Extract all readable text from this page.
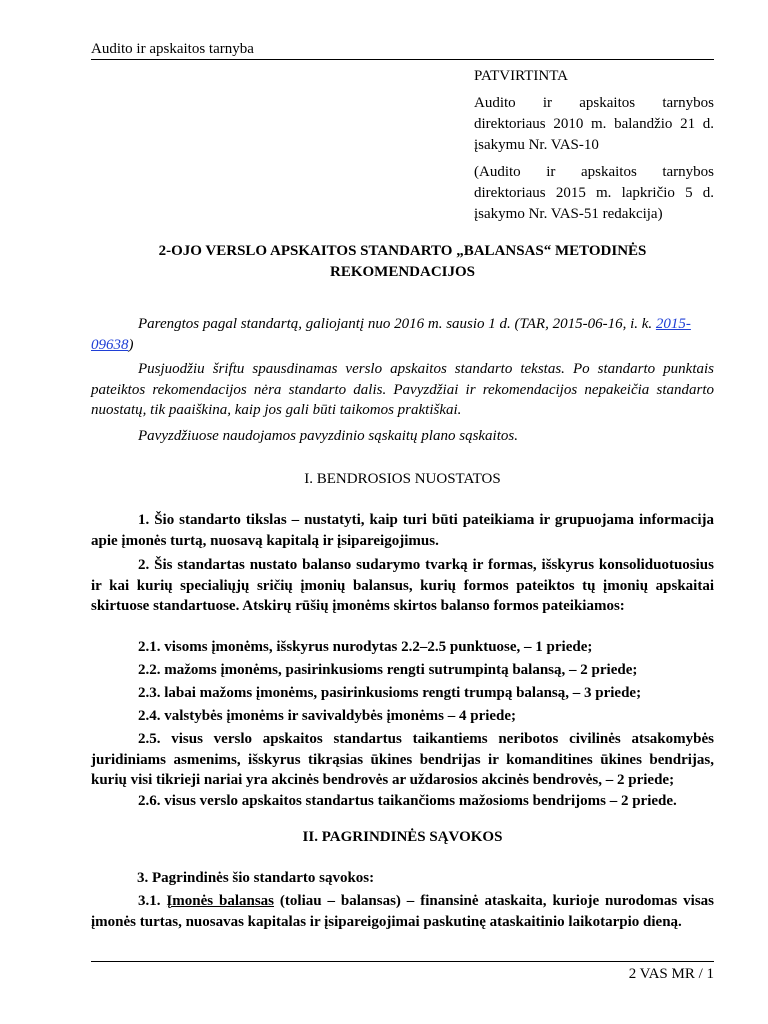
Audito ir apskaitos tarnyba

PATVIRTINTA

Audito ir apskaitos tarnybos direktoriaus 2010 m. balandžio 21 d. įsakymu Nr. VAS-10

(Audito ir apskaitos tarnybos direktoriaus 2015 m. lapkričio 5 d. įsakymo Nr. VAS-51 redakcija)

2-OJO VERSLO APSKAITOS STANDARTO „BALANSAS“ METODINĖS
REKOMENDACIJOS

Parengtos pagal standartą, galiojantį nuo 2016 m. sausio 1 d. (TAR, 2015-06-16, i. k. 2015-
09638)

Pusjuodžiu šriftu spausdinamas verslo apskaitos standarto tekstas. Po standarto punktais pateiktos rekomendacijos nėra standarto dalis. Pavyzdžiai ir rekomendacijos nepakeičia standarto nuostatų, tik paaiškina, kaip jos gali būti taikomos praktiškai.

Pavyzdžiuose naudojamos pavyzdinio sąskaitų plano sąskaitos.

I. BENDROSIOS NUOSTATOS

1. Šio standarto tikslas – nustatyti, kaip turi būti pateikiama ir grupuojama informacija apie įmonės turtą, nuosavą kapitalą ir įsipareigojimus.

2. Šis standartas nustato balanso sudarymo tvarką ir formas, išskyrus konsoliduotuosius ir kai kurių specialiųjų sričių įmonių balansus, kurių formos pateiktos tų įmonių apskaitai skirtuose standartuose. Atskirų rūšių įmonėms skirtos balanso formos pateikiamos:

2.1. visoms įmonėms, išskyrus nurodytas 2.2–2.5 punktuose, – 1 priede;

2.2. mažoms įmonėms, pasirinkusioms rengti sutrumpintą balansą, – 2 priede;

2.3. labai mažoms įmonėms, pasirinkusioms rengti trumpą balansą, – 3 priede;

2.4. valstybės įmonėms ir savivaldybės įmonėms – 4 priede;

2.5. visus verslo apskaitos standartus taikantiems neribotos civilinės atsakomybės juridiniams asmenims, išskyrus tikrąsias ūkines bendrijas ir komanditines ūkines bendrijas, kurių visi tikrieji nariai yra akcinės bendrovės ar uždarosios akcinės bendrovės, – 2 priede;

2.6. visus verslo apskaitos standartus taikančioms mažosioms bendrijoms – 2 priede.

II. PAGRINDINĖS SĄVOKOS

3. Pagrindinės šio standarto sąvokos:

3.1. Įmonės balansas (toliau – balansas) – finansinė ataskaita, kurioje nurodomas visas įmonės turtas, nuosavas kapitalas ir įsipareigojimai paskutinę ataskaitinio laikotarpio dieną.

2 VAS MR / 1
